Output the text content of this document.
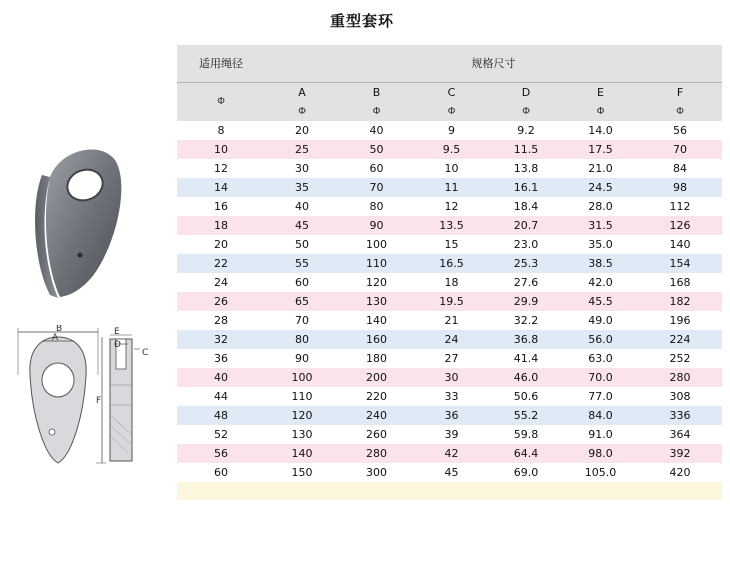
重型套环
B
A
F
E
D
C
适用绳径	规格尺寸					
Φ	A	B	C	D	E	F
	Φ	Φ	Φ	Φ	Φ	Φ
8	20	40	9	9.2	14.0	56
10	25	50	9.5	11.5	17.5	70
12	30	60	10	13.8	21.0	84
14	35	70	11	16.1	24.5	98
16	40	80	12	18.4	28.0	112
18	45	90	13.5	20.7	31.5	126
20	50	100	15	23.0	35.0	140
22	55	110	16.5	25.3	38.5	154
24	60	120	18	27.6	42.0	168
26	65	130	19.5	29.9	45.5	182
28	70	140	21	32.2	49.0	196
32	80	160	24	36.8	56.0	224
36	90	180	27	41.4	63.0	252
40	100	200	30	46.0	70.0	280
44	110	220	33	50.6	77.0	308
48	120	240	36	55.2	84.0	336
52	130	260	39	59.8	91.0	364
56	140	280	42	64.4	98.0	392
60	150	300	45	69.0	105.0	420
